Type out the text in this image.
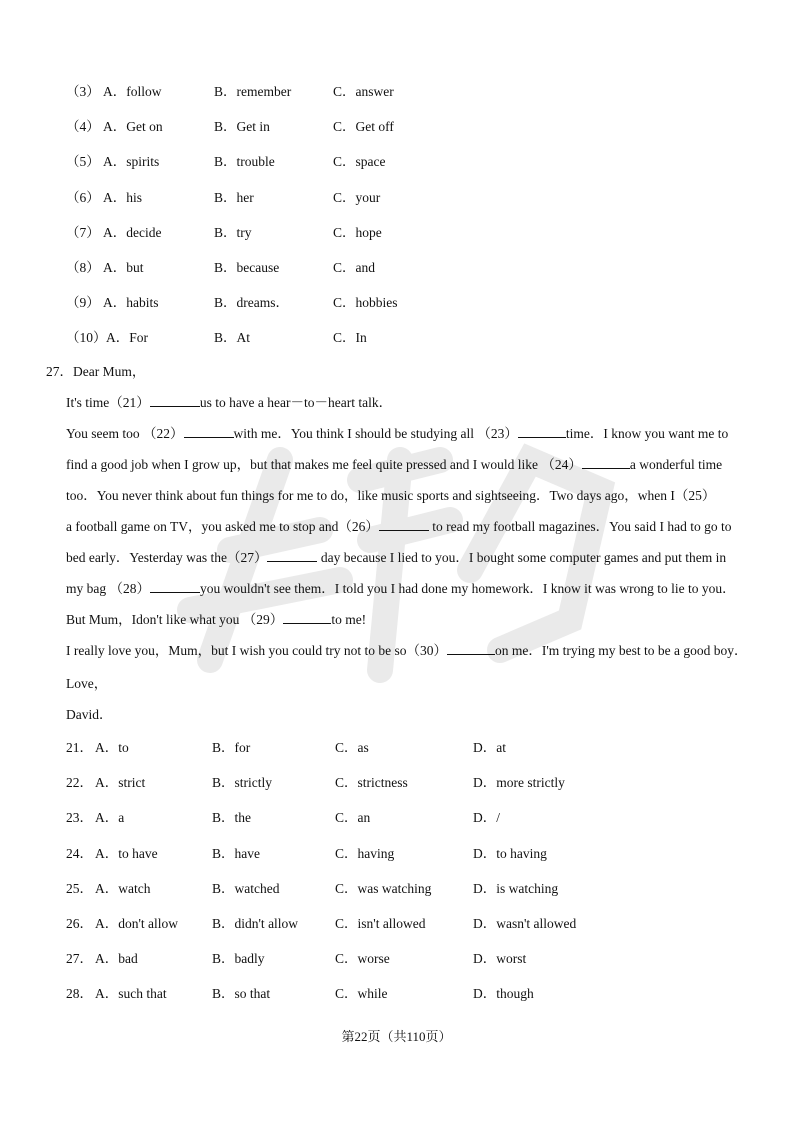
（3） A．follow	B．remember	C．answer
（4） A．Get on	B．Get in	C．Get off
（5） A．spirits	B．trouble	C．space
（6） A．his	B．her	C．your
（7） A．decide	B．try	C．hope
（8） A．but	B．because	C．and
（9） A．habits	B．dreams．	C．hobbies
（10） A．For	B．At	C．In
27．Dear Mum，
It's time（21）	us to have a hear－to－heart talk．
You seem too （22）	with me．You think I should be studying all （23）	time．I know you want me to
find a good job when I grow up，but that makes me feel quite pressed and I would like （24）	a wonderful time
too．You never think about fun things for me to do，like music sports and sightseeing．Two days ago，when I（25）
a football game on TV，you asked me to stop and（26）	to read my football magazines．You said I had to go to
bed early．Yesterday was the（27）	day because I lied to you．I bought some computer games and put them in
my bag （28）	you wouldn't see them．I told you I had done my homework．I know it was wrong to lie to you．
But Mum，Idon't like what you （29）	to me!
I really love you，Mum，but I wish you could try not to be so（30）	on me．I'm trying my best to be a good boy．
Love，
David．
21． A．to	B．for	C．as	D．at
22． A．strict	B．strictly	C．strictness	D．more strictly
23． A．a	B．the	C．an	D．/
24． A．to have	B．have	C．having	D．to having
25． A．watch	B．watched	C．was watching	D．is watching
26． A．don't allow	B．didn't allow	C．isn't allowed	D．wasn't allowed
27． A．bad	B．badly	C．worse	D．worst
28． A．such that	B．so that	C．while	D．though
第22页（共110页）
